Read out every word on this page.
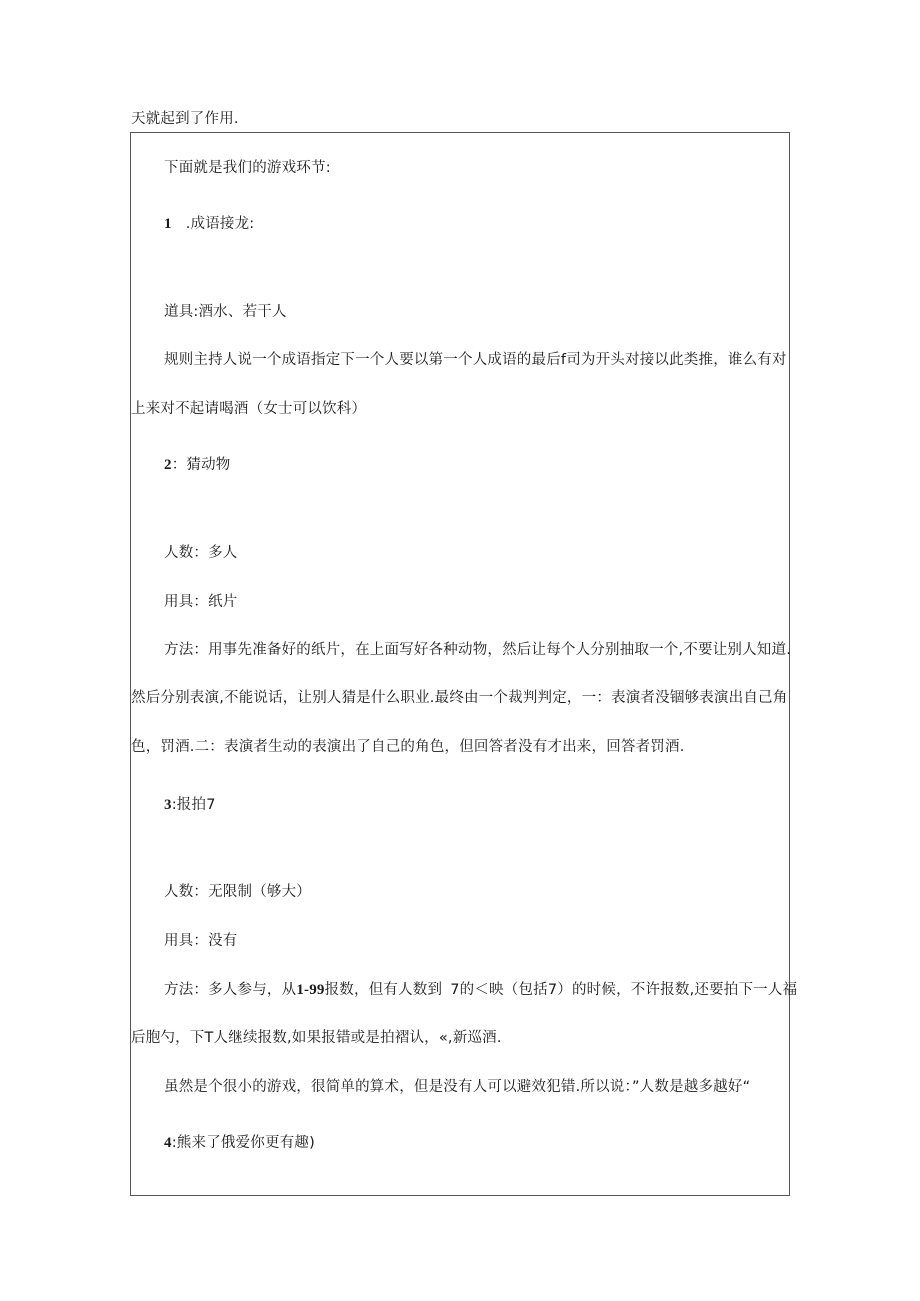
天就起到了作用.
下面就是我们的游戏环节:
1 .成语接龙:
道具:酒水、若干人
规则主持人说一个成语指定下一个人要以第一个人成语的最后f司为开头对接以此类推，谁么有对
上来对不起请喝酒（女士可以饮科）
2：猜动物
人数：多人
用具：纸片
方法：用事先准备好的纸片，在上面写好各种动物，然后让每个人分别抽取一个,不要让别人知道.
然后分别表演,不能说话，让别人猜是什么职业.最终由一个裁判判定，一：表演者没锢够表演出自己角
色，罚酒.二：表演者生动的表演出了自己的角色，但回答者没有才出来，回答者罚酒.
3:报拍7
人数：无限制（够大）
用具：没有
方法：多人参与，从1-99报数，但有人数到 7的＜映（包括7）的时候，不许报数,还要拍下一人福
后胞勺，下T人继续报数,如果报错或是拍褶认，«,新巡酒.
虽然是个很小的游戏，很简单的算术，但是没有人可以避效犯错.所以说：”人数是越多越好“
4:熊来了俄爱你更有趣)
